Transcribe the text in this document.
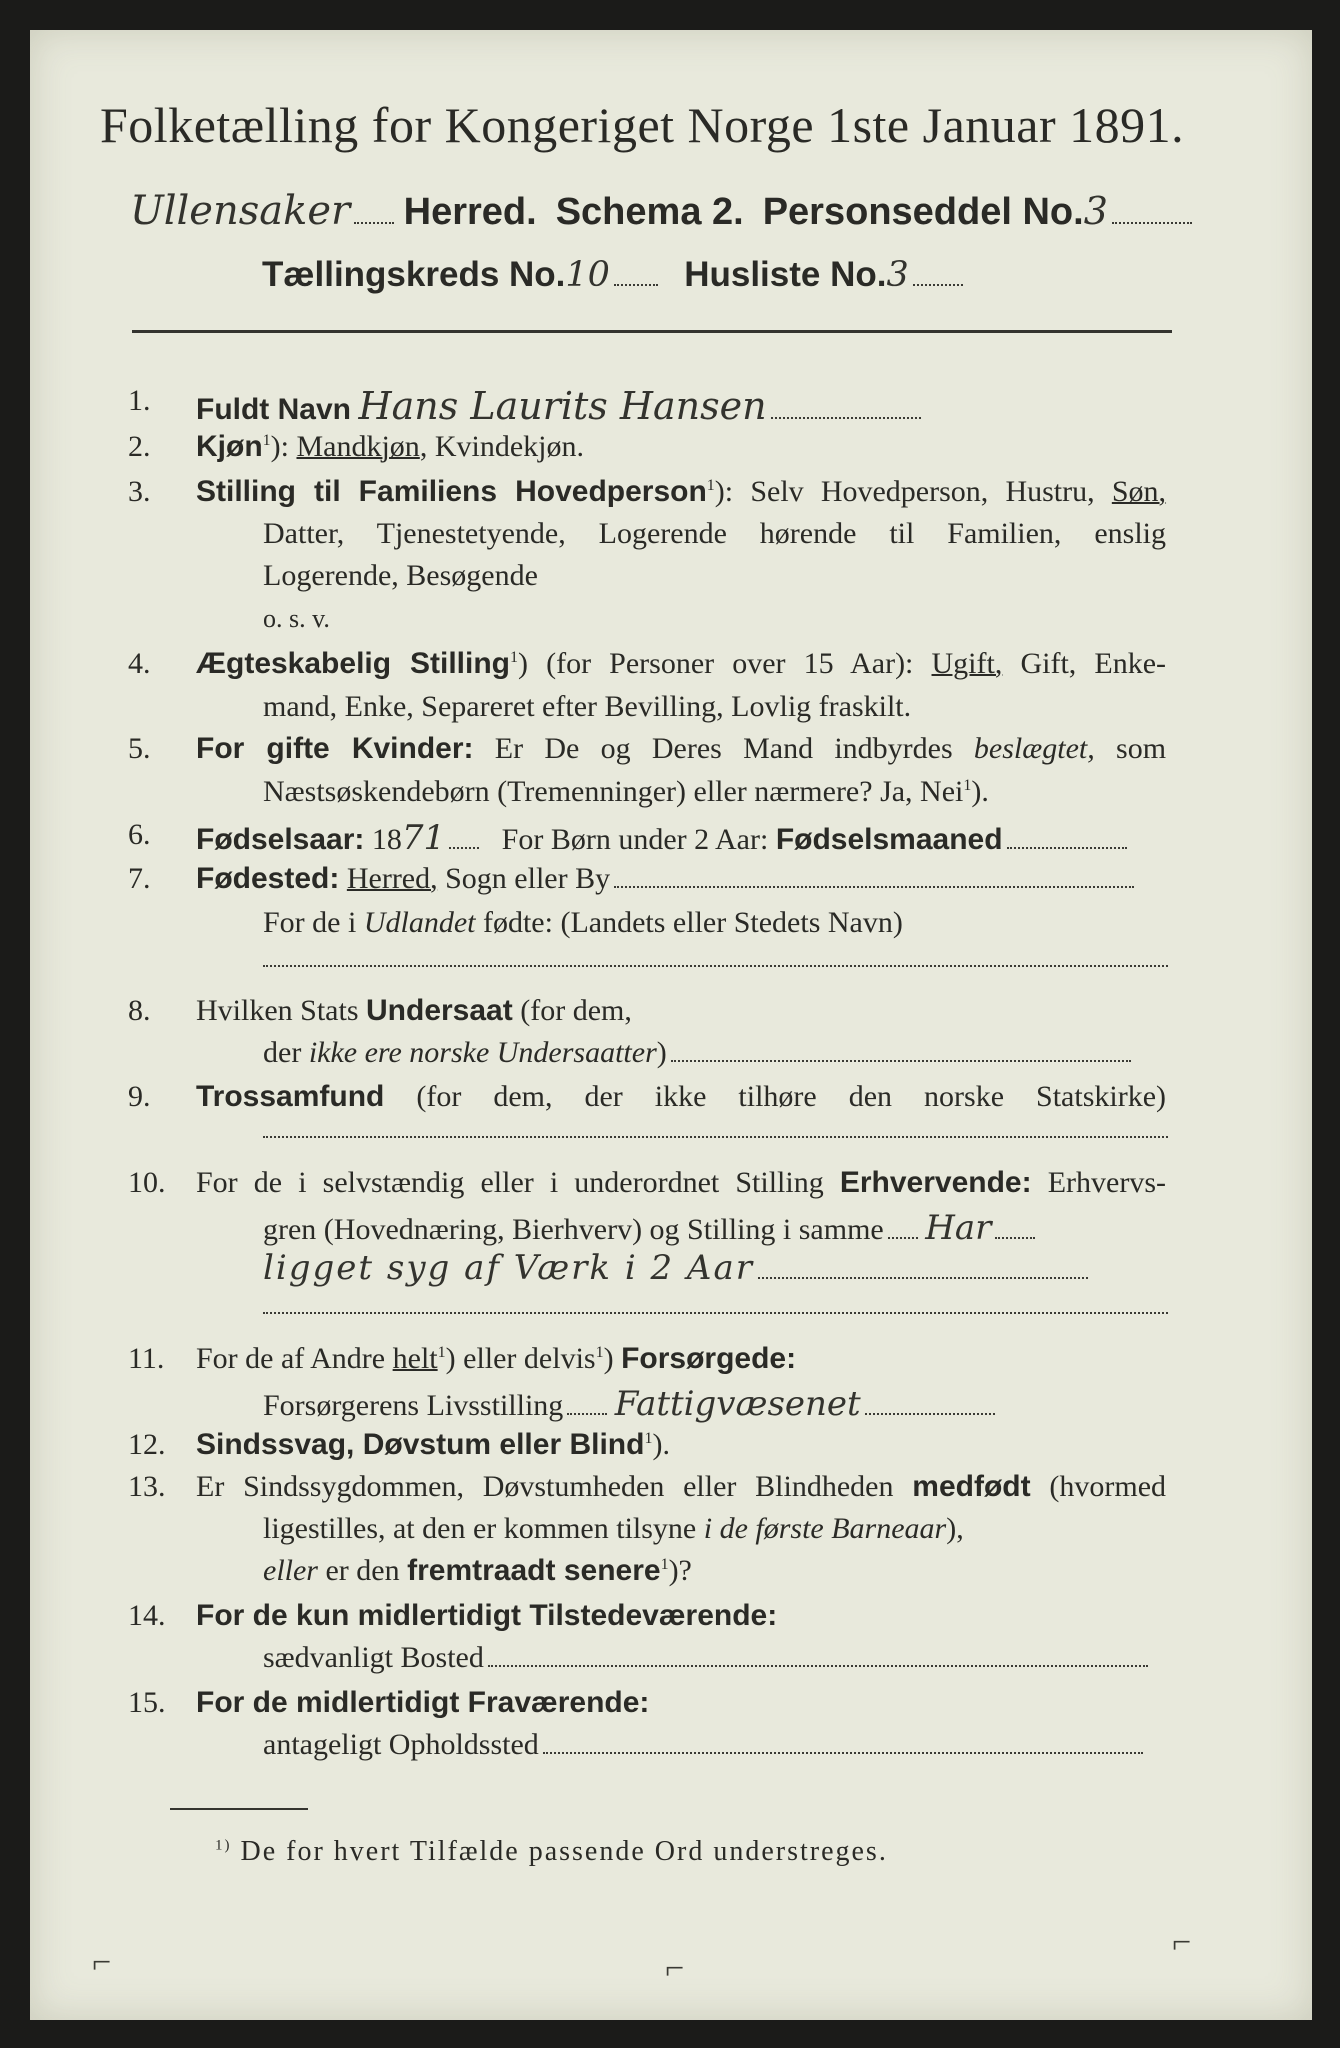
Folketælling for Kongeriget Norge 1ste Januar 1891.
Ullensaker Herred. Schema 2. Personseddel No.3
Tællingskreds No.10 Husliste No.3
1.	Fuldt Navn Hans Laurits Hansen
2.	Kjøn$^1$): Mandkjøn, Kvindekjøn.
3.	Stilling til Familiens Hovedperson$^1$): Selv Hovedperson, Hustru, Søn,
Datter, Tjenestetyende, Logerende hørende til Familien, enslig
Logerende, Besøgende
o. s. v.
4.	Ægteskabelig Stilling$^1$) (for Personer over 15 Aar): Ugift, Gift, Enke-
mand, Enke, Separeret efter Bevilling, Lovlig fraskilt.
5.	For gifte Kvinder: Er De og Deres Mand indbyrdes beslægtet, som
Næstsøskendebørn (Tremenninger) eller nærmere? Ja, Nei$^1$).
6.	Fødselsaar: 1871 For Børn under 2 Aar: Fødselsmaaned
7.	Fødested: Herred, Sogn eller By
For de i Udlandet fødte: (Landets eller Stedets Navn)
8.	Hvilken Stats Undersaat (for dem,
der ikke ere norske Undersaatter)
9.	Trossamfund (for dem, der ikke tilhøre den norske Statskirke)
10.	For de i selvstændig eller i underordnet Stilling Erhvervende: Erhvervs-
gren (Hovednæring, Bierhverv) og Stilling i samme Har
ligget syg af Værk i 2 Aar
11.	For de af Andre helt$^1$) eller delvis$^1$) Forsørgede:
Forsørgerens Livsstilling Fattigvæsenet
12.	Sindssvag, Døvstum eller Blind$^1$).
13.	Er Sindssygdommen, Døvstumheden eller Blindheden medfødt (hvormed
ligestilles, at den er kommen tilsyne i de første Barneaar),
eller er den fremtraadt senere$^1$)?
14.	For de kun midlertidigt Tilstedeværende:
sædvanligt Bosted
15.	For de midlertidigt Fraværende:
antageligt Opholdssted
$^{1)}$ De for hvert Tilfælde passende Ord understreges.
⌐	⌐
⌐
